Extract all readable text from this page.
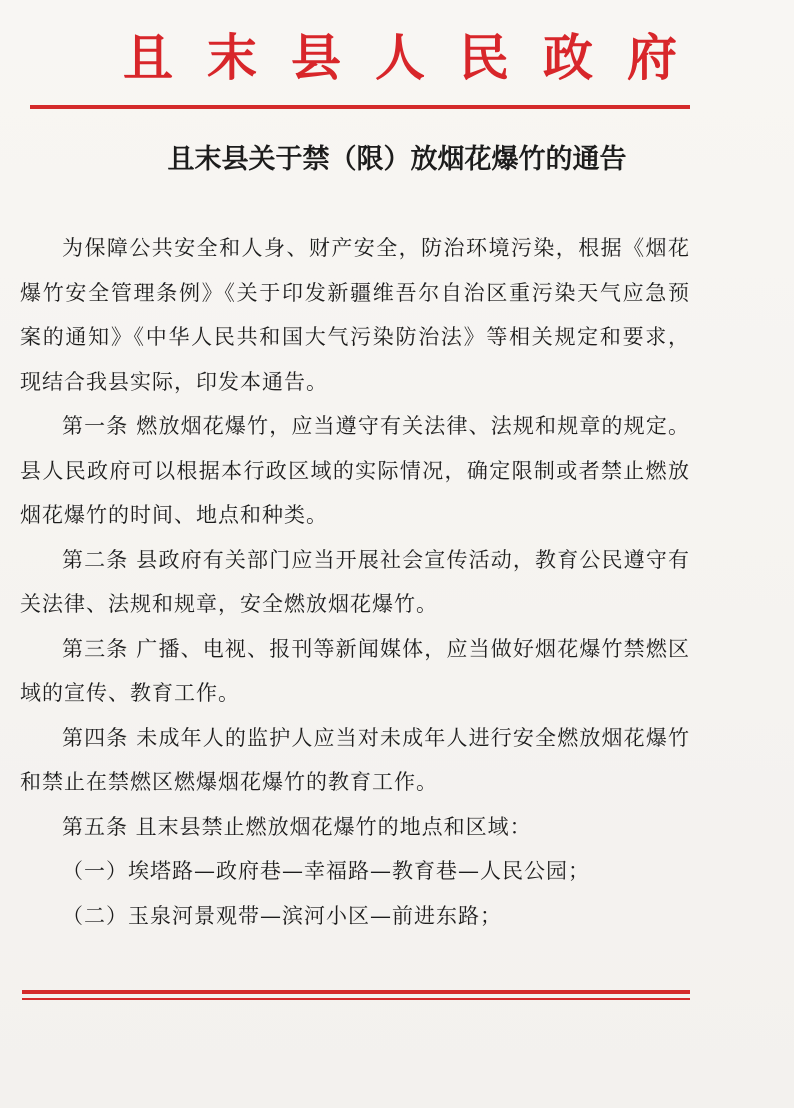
且末县人民政府
且末县关于禁（限）放烟花爆竹的通告

为保障公共安全和人身、财产安全，防治环境污染，根据《烟花爆竹安全管理条例》《关于印发新疆维吾尔自治区重污染天气应急预案的通知》《中华人民共和国大气污染防治法》等相关规定和要求，现结合我县实际，印发本通告。

第一条 燃放烟花爆竹，应当遵守有关法律、法规和规章的规定。县人民政府可以根据本行政区域的实际情况，确定限制或者禁止燃放烟花爆竹的时间、地点和种类。

第二条 县政府有关部门应当开展社会宣传活动，教育公民遵守有关法律、法规和规章，安全燃放烟花爆竹。

第三条 广播、电视、报刊等新闻媒体，应当做好烟花爆竹禁燃区域的宣传、教育工作。

第四条 未成年人的监护人应当对未成年人进行安全燃放烟花爆竹和禁止在禁燃区燃爆烟花爆竹的教育工作。

第五条 且末县禁止燃放烟花爆竹的地点和区域：

（一）埃塔路—政府巷—幸福路—教育巷—人民公园；

（二）玉泉河景观带—滨河小区—前进东路；
